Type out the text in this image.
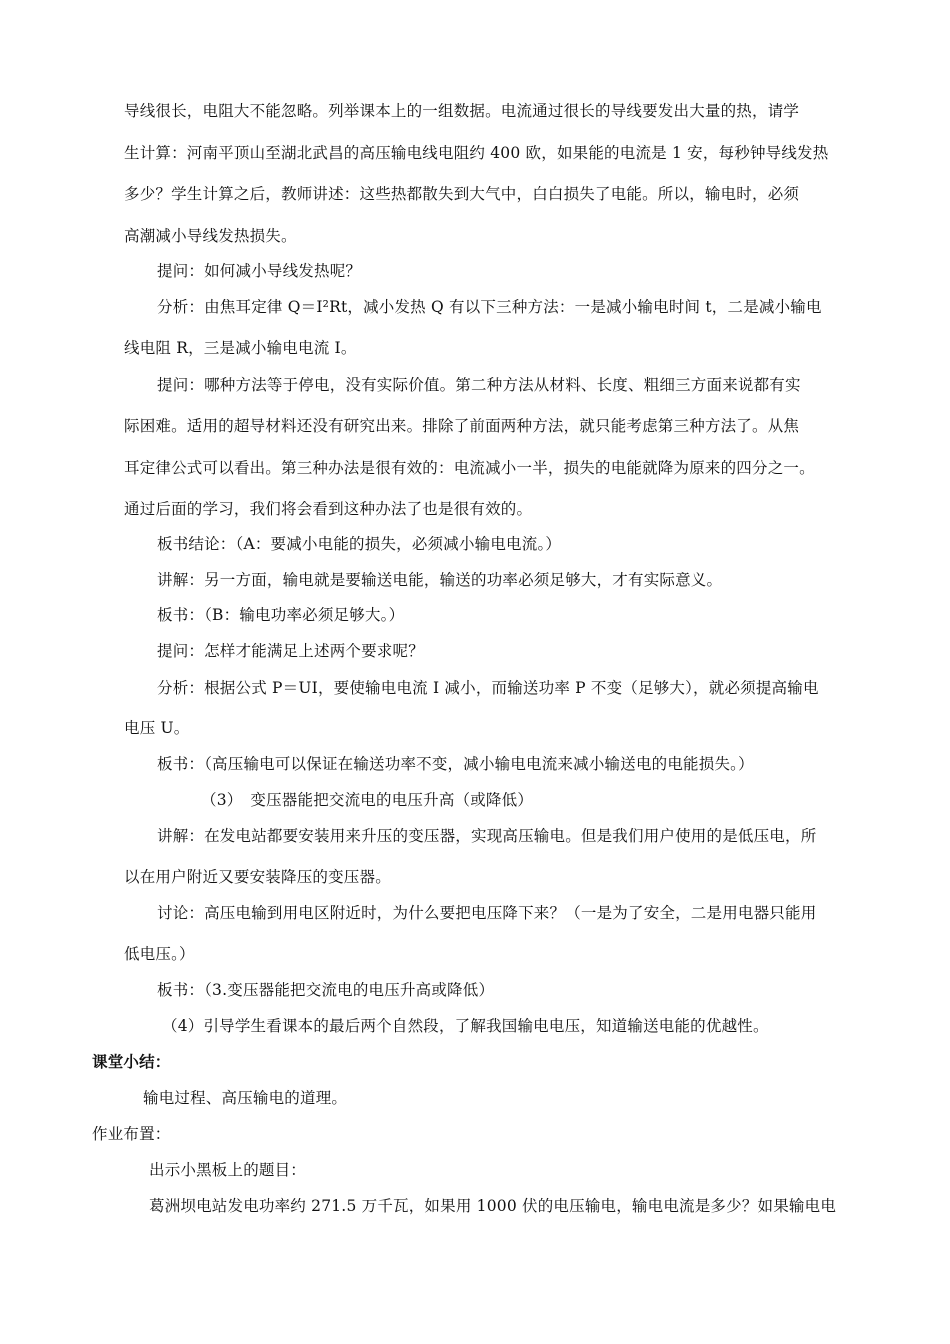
导线很长，电阻大不能忽略。列举课本上的一组数据。电流通过很长的导线要发出大量的热，请学
生计算：河南平顶山至湖北武昌的高压输电线电阻约 400 欧，如果能的电流是 1 安，每秒钟导线发热
多少？学生计算之后，教师讲述：这些热都散失到大气中，白白损失了电能。所以，输电时，必须
高潮减小导线发热损失。
提问：如何减小导线发热呢？
分析：由焦耳定律 Q＝I²Rt，减小发热 Q 有以下三种方法：一是减小输电时间 t，二是减小输电
线电阻 R，三是减小输电电流 I。
提问：哪种方法等于停电，没有实际价值。第二种方法从材料、长度、粗细三方面来说都有实
际困难。适用的超导材料还没有研究出来。排除了前面两种方法，就只能考虑第三种方法了。从焦
耳定律公式可以看出。第三种办法是很有效的：电流减小一半，损失的电能就降为原来的四分之一。
通过后面的学习，我们将会看到这种办法了也是很有效的。
板书结论：（A：要减小电能的损失，必须减小输电电流。）
讲解：另一方面，输电就是要输送电能，输送的功率必须足够大，才有实际意义。
板书：（B：输电功率必须足够大。）
提问：怎样才能满足上述两个要求呢？
分析：根据公式 P＝UI，要使输电电流 I 减小，而输送功率 P 不变（足够大），就必须提高输电
电压 U。
板书：（高压输电可以保证在输送功率不变，减小输电电流来减小输送电的电能损失。）
（3）　变压器能把交流电的电压升高（或降低）
讲解：在发电站都要安装用来升压的变压器，实现高压输电。但是我们用户使用的是低压电，所
以在用户附近又要安装降压的变压器。
讨论：高压电输到用电区附近时，为什么要把电压降下来？（一是为了安全，二是用电器只能用
低电压。）
板书：（3.变压器能把交流电的电压升高或降低）
（4）引导学生看课本的最后两个自然段，了解我国输电电压，知道输送电能的优越性。
课堂小结：
输电过程、高压输电的道理。
作业布置：
出示小黑板上的题目：
葛洲坝电站发电功率约 271.5 万千瓦，如果用 1000 伏的电压输电，输电电流是多少？如果输电电
